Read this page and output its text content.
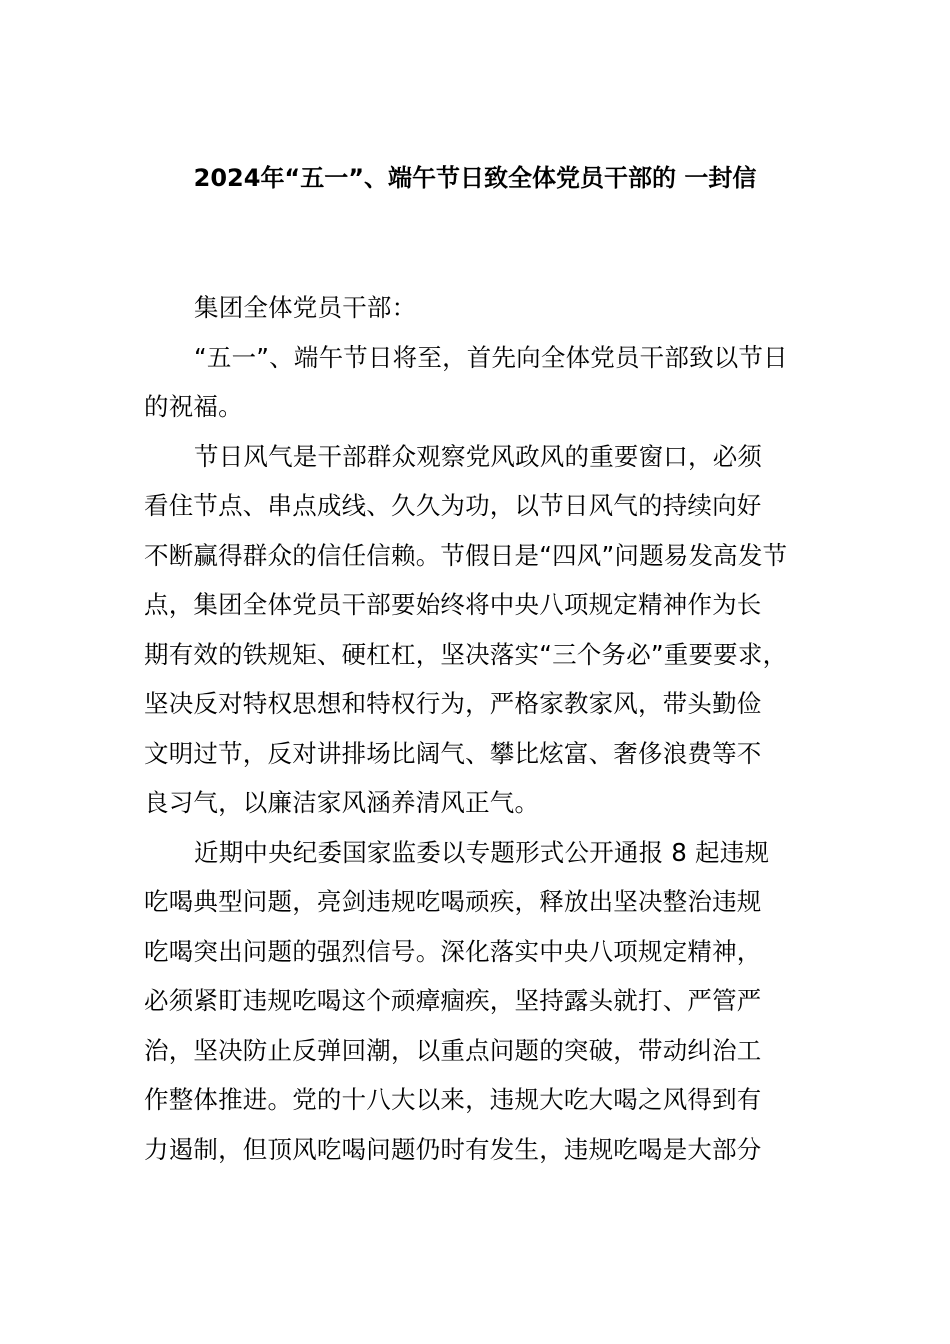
2024年“五一”、端午节日致全体党员干部的 一封信
集团全体党员干部：
“五一”、端午节日将至，首先向全体党员干部致以节日
的祝福。
节日风气是干部群众观察党风政风的重要窗口，必须
看住节点、串点成线、久久为功，以节日风气的持续向好
不断赢得群众的信任信赖。节假日是“四风”问题易发高发节
点，集团全体党员干部要始终将中央八项规定精神作为长
期有效的铁规矩、硬杠杠，坚决落实“三个务必”重要要求，
坚决反对特权思想和特权行为，严格家教家风，带头勤俭
文明过节，反对讲排场比阔气、攀比炫富、奢侈浪费等不
良习气，以廉洁家风涵养清风正气。
近期中央纪委国家监委以专题形式公开通报 8 起违规
吃喝典型问题，亮剑违规吃喝顽疾，释放出坚决整治违规
吃喝突出问题的强烈信号。深化落实中央八项规定精神，
必须紧盯违规吃喝这个顽瘴痼疾，坚持露头就打、严管严
治，坚决防止反弹回潮，以重点问题的突破，带动纠治工
作整体推进。党的十八大以来，违规大吃大喝之风得到有
力遏制，但顶风吃喝问题仍时有发生，违规吃喝是大部分
